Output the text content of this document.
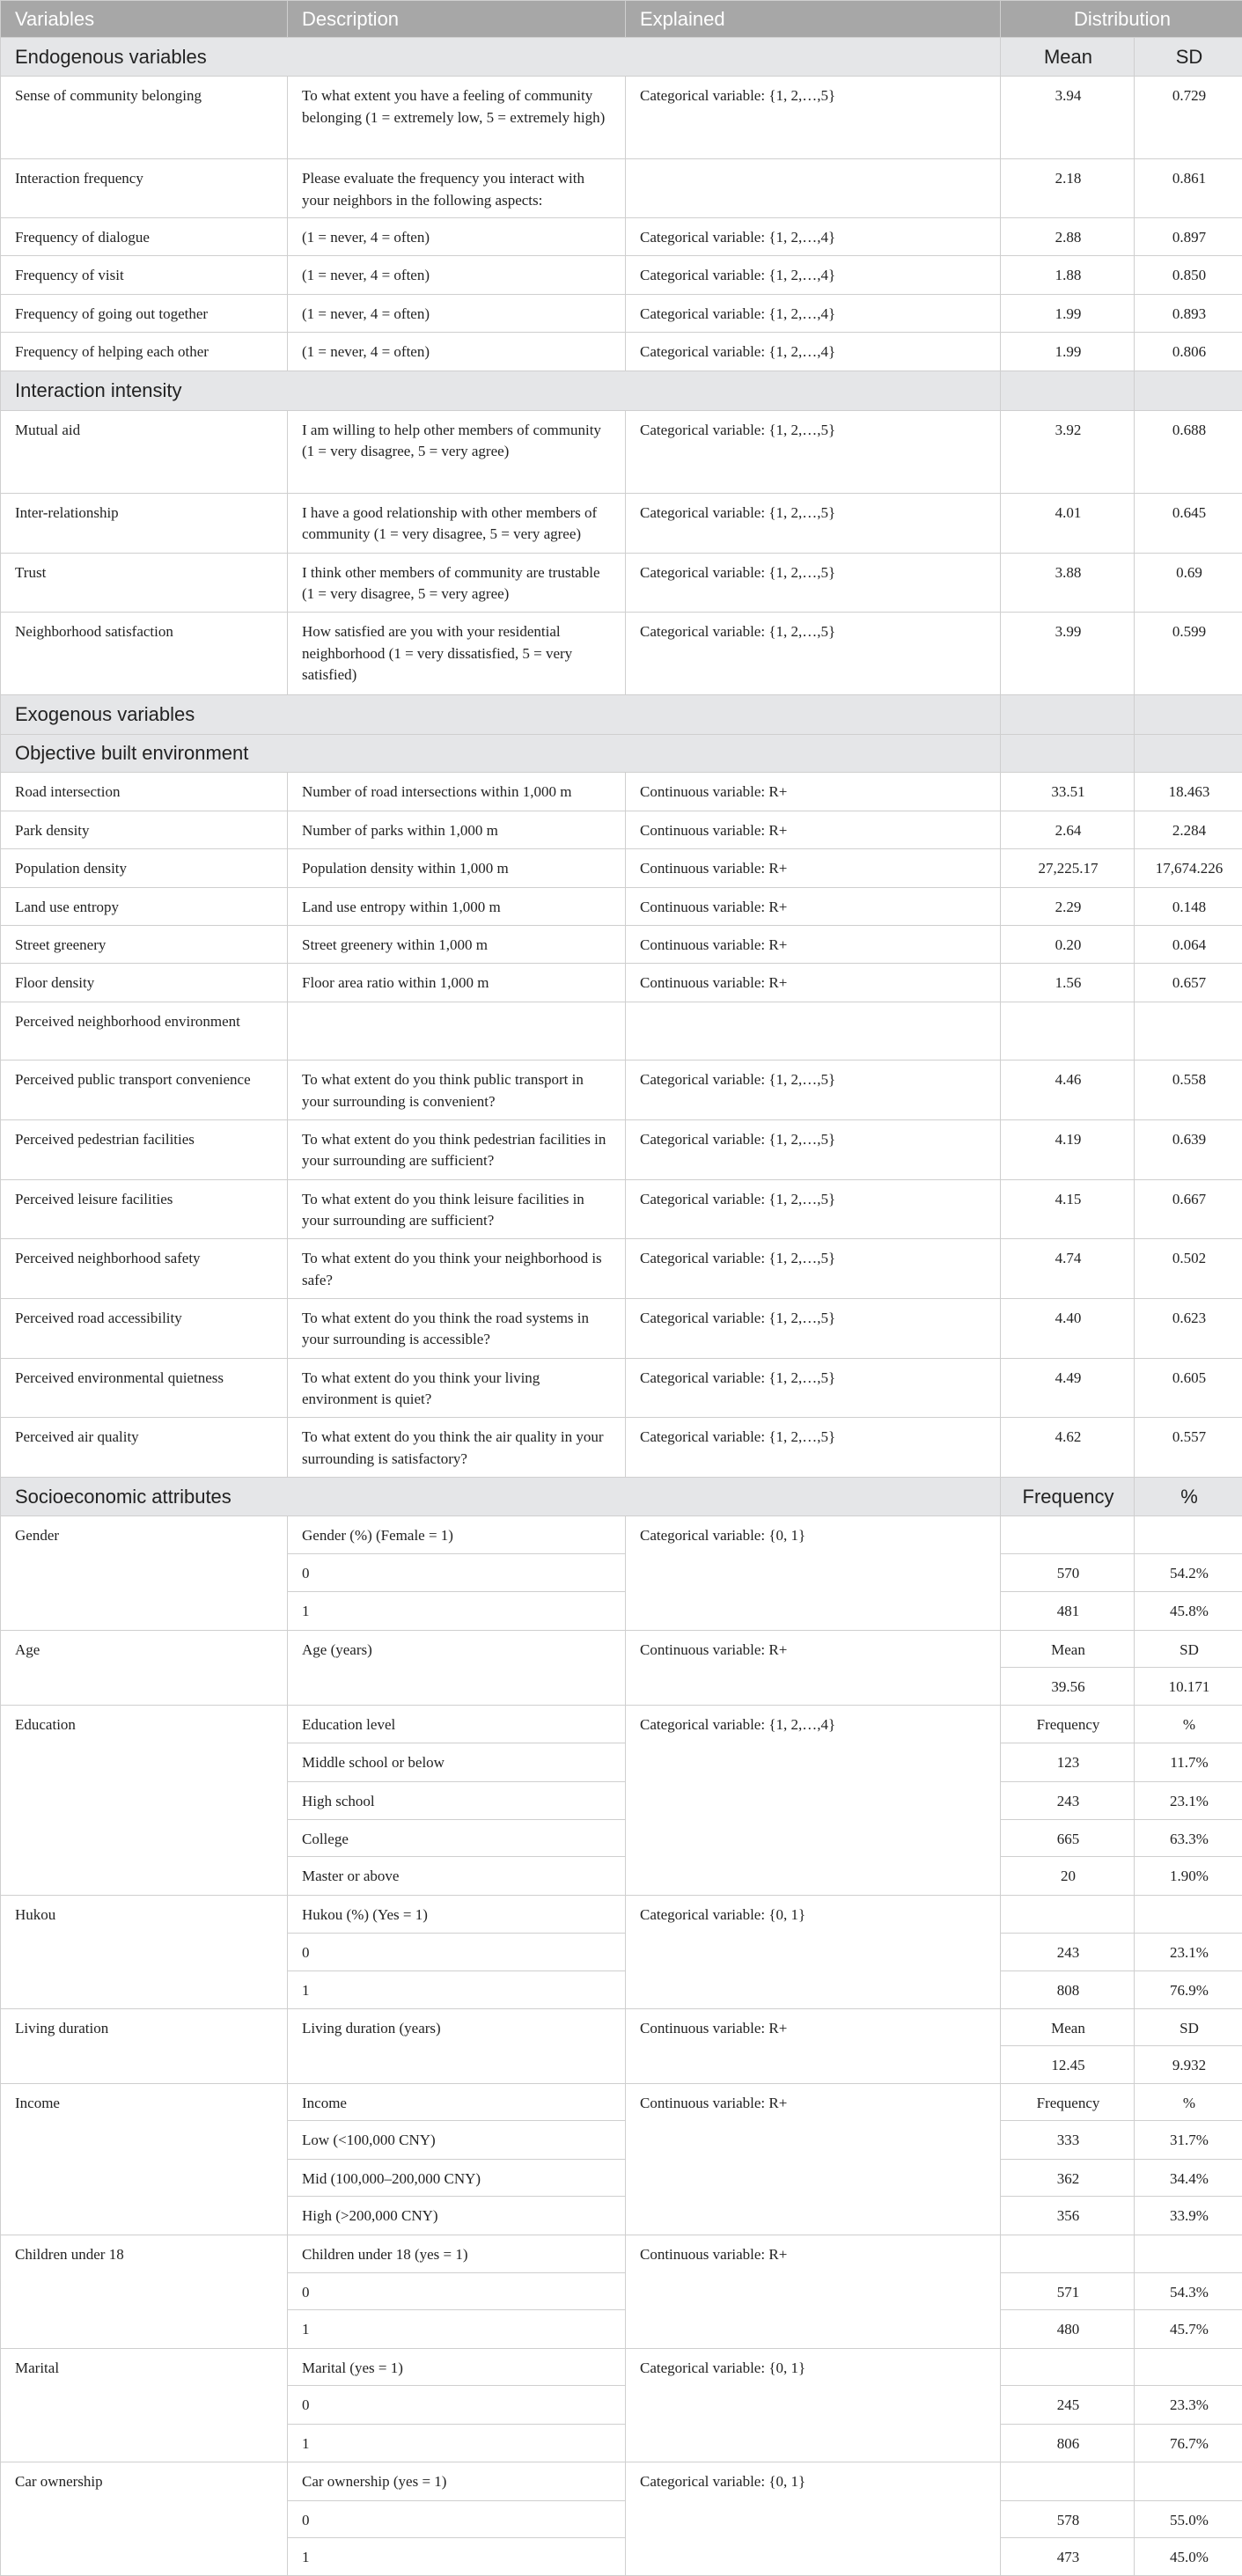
Variables	Description	Explained	Distribution	
Endogenous variables			Mean	SD
Sense of community belonging	To what extent you have a feeling of community belonging (1 = extremely low, 5 = extremely high)	Categorical variable: {1, 2,…,5}	3.94	0.729
Interaction frequency	Please evaluate the frequency you interact with your neighbors in the following aspects:		2.18	0.861
Frequency of dialogue	(1 = never, 4 = often)	Categorical variable: {1, 2,…,4}	2.88	0.897
Frequency of visit	(1 = never, 4 = often)	Categorical variable: {1, 2,…,4}	1.88	0.850
Frequency of going out together	(1 = never, 4 = often)	Categorical variable: {1, 2,…,4}	1.99	0.893
Frequency of helping each other	(1 = never, 4 = often)	Categorical variable: {1, 2,…,4}	1.99	0.806
Interaction intensity				
Mutual aid	I am willing to help other members of community (1 = very disagree, 5 = very agree)	Categorical variable: {1, 2,…,5}	3.92	0.688
Inter-relationship	I have a good relationship with other members of community (1 = very disagree, 5 = very agree)	Categorical variable: {1, 2,…,5}	4.01	0.645
Trust	I think other members of community are trustable (1 = very disagree, 5 = very agree)	Categorical variable: {1, 2,…,5}	3.88	0.69
Neighborhood satisfaction	How satisfied are you with your residential neighborhood (1 = very dissatisfied, 5 = very satisfied)	Categorical variable: {1, 2,…,5}	3.99	0.599
Exogenous variables				
Objective built environment				
Road intersection	Number of road intersections within 1,000 m	Continuous variable: R+	33.51	18.463
Park density	Number of parks within 1,000 m	Continuous variable: R+	2.64	2.284
Population density	Population density within 1,000 m	Continuous variable: R+	27,225.17	17,674.226
Land use entropy	Land use entropy within 1,000 m	Continuous variable: R+	2.29	0.148
Street greenery	Street greenery within 1,000 m	Continuous variable: R+	0.20	0.064
Floor density	Floor area ratio within 1,000 m	Continuous variable: R+	1.56	0.657
Perceived neighborhood environment				
Perceived public transport convenience	To what extent do you think public transport in your surrounding is convenient?	Categorical variable: {1, 2,…,5}	4.46	0.558
Perceived pedestrian facilities	To what extent do you think pedestrian facilities in your surrounding are sufficient?	Categorical variable: {1, 2,…,5}	4.19	0.639
Perceived leisure facilities	To what extent do you think leisure facilities in your surrounding are sufficient?	Categorical variable: {1, 2,…,5}	4.15	0.667
Perceived neighborhood safety	To what extent do you think your neighborhood is safe?	Categorical variable: {1, 2,…,5}	4.74	0.502
Perceived road accessibility	To what extent do you think the road systems in your surrounding is accessible?	Categorical variable: {1, 2,…,5}	4.40	0.623
Perceived environmental quietness	To what extent do you think your living environment is quiet?	Categorical variable: {1, 2,…,5}	4.49	0.605
Perceived air quality	To what extent do you think the air quality in your surrounding is satisfactory?	Categorical variable: {1, 2,…,5}	4.62	0.557
Socioeconomic attributes			Frequency	%
Gender	Gender (%) (Female = 1)	Categorical variable: {0, 1}		
	0		570	54.2%
	1		481	45.8%
Age	Age (years)	Continuous variable: R+	Mean	SD
			39.56	10.171
Education	Education level	Categorical variable: {1, 2,…,4}	Frequency	%
	Middle school or below		123	11.7%
	High school		243	23.1%
	College		665	63.3%
	Master or above		20	1.90%
Hukou	Hukou (%) (Yes = 1)	Categorical variable: {0, 1}		
	0		243	23.1%
	1		808	76.9%
Living duration	Living duration (years)	Continuous variable: R+	Mean	SD
			12.45	9.932
Income	Income	Continuous variable: R+	Frequency	%
	Low (<100,000 CNY)		333	31.7%
	Mid (100,000–200,000 CNY)		362	34.4%
	High (>200,000 CNY)		356	33.9%
Children under 18	Children under 18 (yes = 1)	Continuous variable: R+		
	0		571	54.3%
	1		480	45.7%
Marital	Marital (yes = 1)	Categorical variable: {0, 1}		
	0		245	23.3%
	1		806	76.7%
Car ownership	Car ownership (yes = 1)	Categorical variable: {0, 1}		
	0		578	55.0%
	1		473	45.0%
